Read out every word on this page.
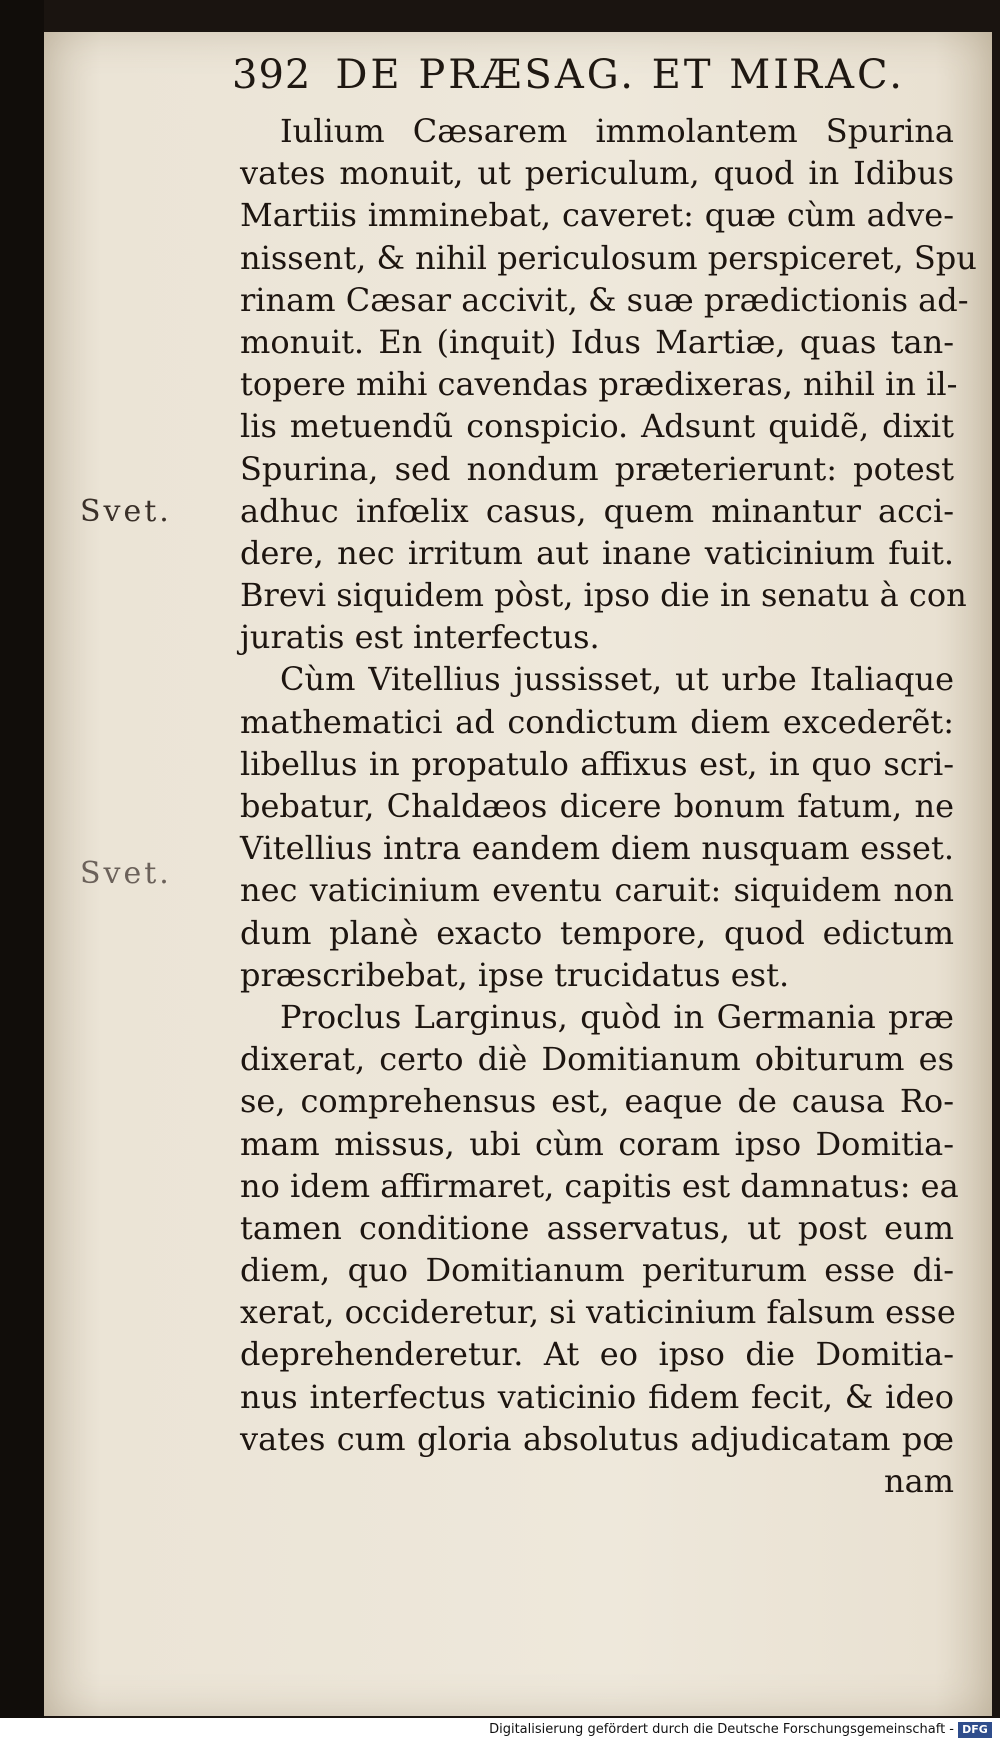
392 DE PRÆSAG. ET MIRAC.
Svet.
Svet.
Iulium Cæsarem immolantem Spurina
vates monuit, ut periculum, quod in Idibus
Martiis imminebat, caveret: quæ cùm adve-
nissent, & nihil periculosum perspiceret, Spu
rinam Cæsar accivit, & suæ prædictionis ad-
monuit. En (inquit) Idus Martiæ, quas tan-
topere mihi cavendas prædixeras, nihil in il-
lis metuendũ conspicio. Adsunt quidẽ, dixit
Spurina, sed nondum præterierunt: potest
adhuc infœlix casus, quem minantur acci-
dere, nec irritum aut inane vaticinium fuit.
Brevi siquidem pòst, ipso die in senatu à con
juratis est interfectus.
Cùm Vitellius jussisset, ut urbe Italiaque
mathematici ad condictum diem excederẽt:
libellus in propatulo affixus est, in quo scri-
bebatur, Chaldæos dicere bonum fatum, ne
Vitellius intra eandem diem nusquam esset.
nec vaticinium eventu caruit: siquidem non
dum planè exacto tempore, quod edictum
præscribebat, ipse trucidatus est.
Proclus Larginus, quòd in Germania præ
dixerat, certo diè Domitianum obiturum es
se, comprehensus est, eaque de causa Ro-
mam missus, ubi cùm coram ipso Domitia-
no idem affirmaret, capitis est damnatus: ea
tamen conditione asservatus, ut post eum
diem, quo Domitianum periturum esse di-
xerat, occideretur, si vaticinium falsum esse
deprehenderetur. At eo ipso die Domitia-
nus interfectus vaticinio fidem fecit, & ideo
vates cum gloria absolutus adjudicatam pœ
nam
Digitalisierung gefördert durch die Deutsche Forschungsgemeinschaft - DFG
